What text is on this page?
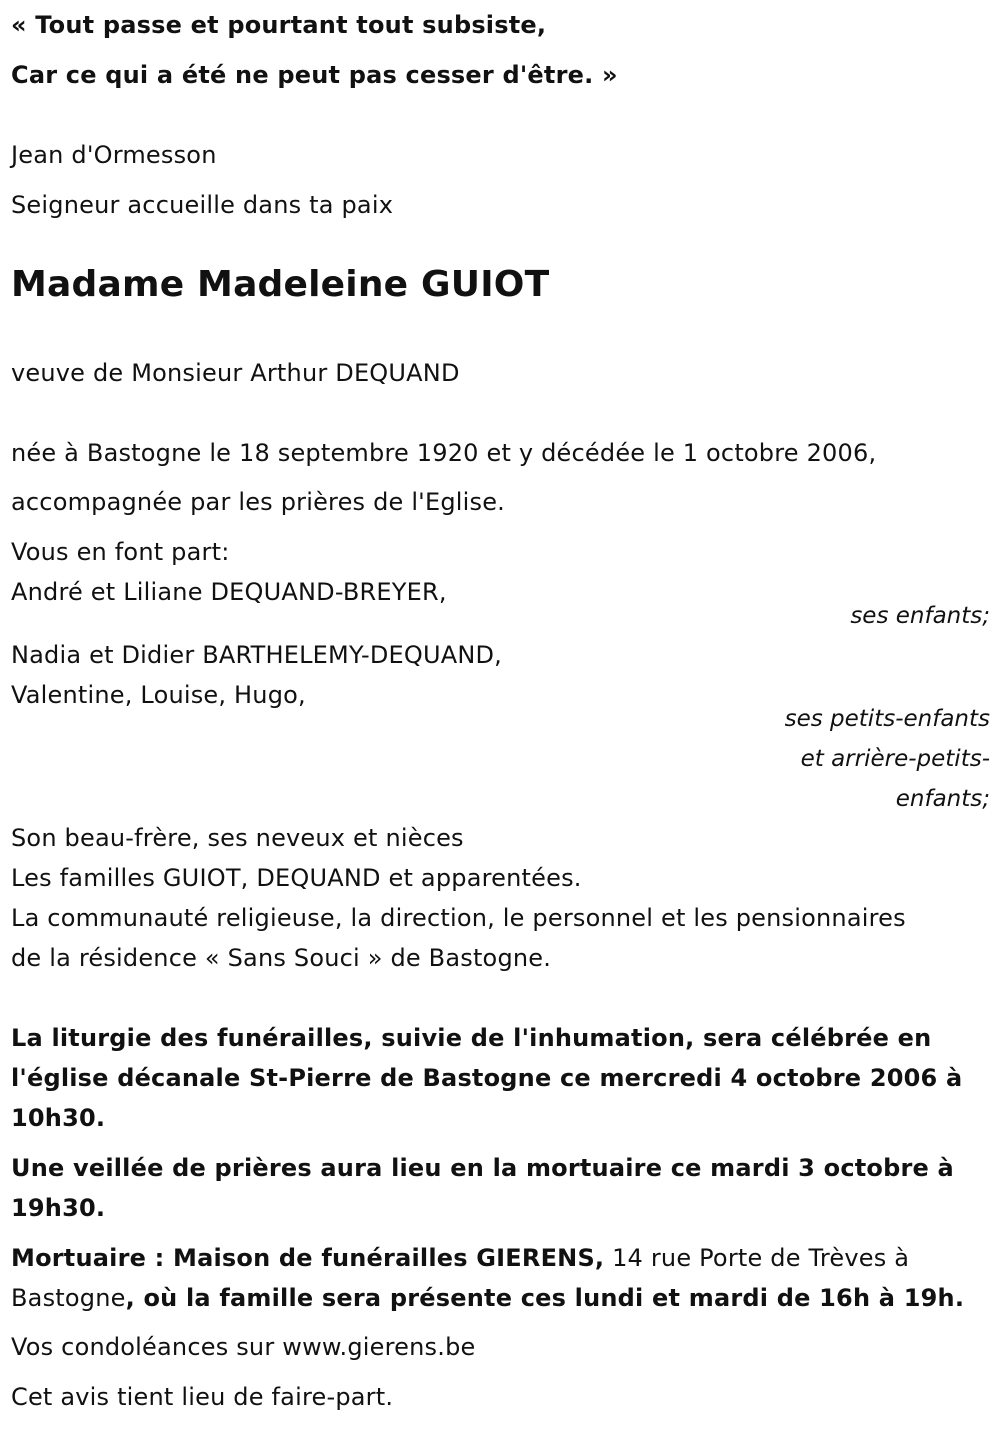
« Tout passe et pourtant tout subsiste,
Car ce qui a été ne peut pas cesser d'être. »
Jean d'Ormesson
Seigneur accueille dans ta paix
Madame Madeleine GUIOT
veuve de Monsieur Arthur DEQUAND
née à Bastogne le 18 septembre 1920 et y décédée le 1 octobre 2006,
accompagnée par les prières de l'Eglise.
Vous en font part:
André et Liliane DEQUAND-BREYER,
ses enfants;
Nadia et Didier BARTHELEMY-DEQUAND,
Valentine, Louise, Hugo,
ses petits-enfants
et arrière-petits-
enfants;
Son beau-frère, ses neveux et nièces
Les familles GUIOT, DEQUAND et apparentées.
La communauté religieuse, la direction, le personnel et les pensionnaires
de la résidence « Sans Souci » de Bastogne.
La liturgie des funérailles, suivie de l'inhumation, sera célébrée en
l'église décanale St-Pierre de Bastogne ce mercredi 4 octobre 2006 à
10h30.
Une veillée de prières aura lieu en la mortuaire ce mardi 3 octobre à
19h30.
Mortuaire : Maison de funérailles GIERENS, 14 rue Porte de Trèves à
Bastogne, où la famille sera présente ces lundi et mardi de 16h à 19h.
Vos condoléances sur www.gierens.be
Cet avis tient lieu de faire-part.
